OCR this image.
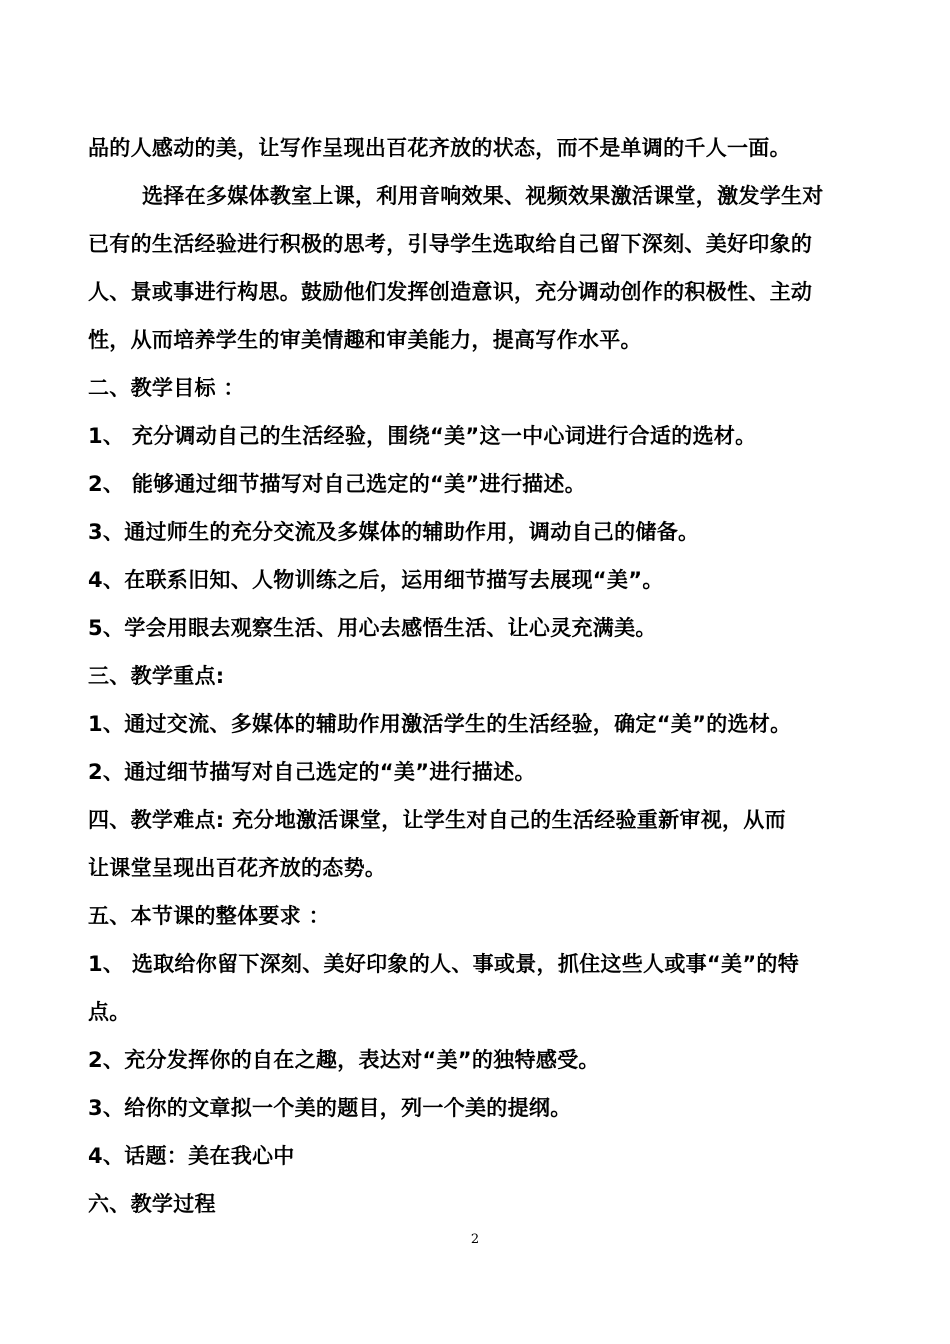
品的人感动的美，让写作呈现出百花齐放的状态，而不是单调的千人一面。
选择在多媒体教室上课，利用音响效果、视频效果激活课堂，激发学生对
已有的生活经验进行积极的思考，引导学生选取给自己留下深刻、美好印象的
人、景或事进行构思。鼓励他们发挥创造意识，充分调动创作的积极性、主动
性，从而培养学生的审美情趣和审美能力，提高写作水平。
二、教学目标 ：
1、 充分调动自己的生活经验，围绕“美”这一中心词进行合适的选材。
2、 能够通过细节描写对自己选定的“美”进行描述。
3、通过师生的充分交流及多媒体的辅助作用，调动自己的储备。
4、在联系旧知、人物训练之后，运用细节描写去展现“美”。
5、学会用眼去观察生活、用心去感悟生活、让心灵充满美。
三、教学重点:
1、通过交流、多媒体的辅助作用激活学生的生活经验，确定“美”的选材。
2、通过细节描写对自己选定的“美”进行描述。
四、教学难点: 充分地激活课堂，让学生对自己的生活经验重新审视，从而
让课堂呈现出百花齐放的态势。
五、本节课的整体要求 ：
1、 选取给你留下深刻、美好印象的人、事或景，抓住这些人或事“美”的特
点。
2、充分发挥你的自在之趣，表达对“美”的独特感受。
3、给你的文章拟一个美的题目，列一个美的提纲。
4、话题：美在我心中
六、教学过程
2
